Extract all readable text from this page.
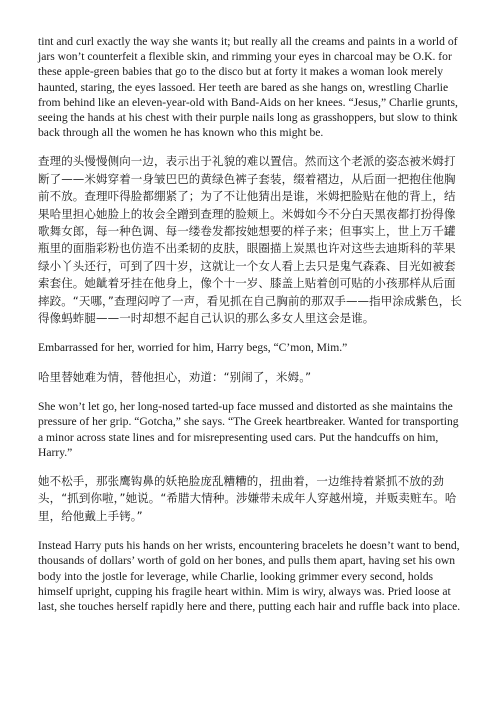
tint and curl exactly the way she wants it; but really all the creams and paints in a world of jars won’t counterfeit a flexible skin, and rimming your eyes in charcoal may be O.K. for these apple-green babies that go to the disco but at forty it makes a woman look merely haunted, staring, the eyes lassoed. Her teeth are bared as she hangs on, wrestling Charlie from behind like an eleven-year-old with Band-Aids on her knees. “Jesus,” Charlie grunts, seeing the hands at his chest with their purple nails long as grasshoppers, but slow to think back through all the women he has known who this might be.

查理的头慢慢侧向一边，表示出于礼貌的难以置信。然而这个老派的姿态被米姆打断了——米姆穿着一身皱巴巴的黄绿色裤子套装，缀着褶边，从后面一把抱住他胸前不放。查理吓得脸都绷紧了；为了不让他猜出是谁，米姆把脸贴在他的背上，结果哈里担心她脸上的妆会全蹭到查理的脸颊上。米姆如今不分白天黑夜都打扮得像歌舞女郎，每一种色调、每一缕卷发都按她想要的样子来；但事实上，世上万千罐瓶里的面脂彩粉也仿造不出柔韧的皮肤，眼圈描上炭黑也许对这些去迪斯科的苹果绿小丫头还行，可到了四十岁，这就让一个女人看上去只是鬼气森森、目光如被套索套住。她龇着牙挂在他身上，像个十一岁、膝盖上贴着创可贴的小孩那样从后面摔跤。“天哪，”查理闷哼了一声，看见抓在自己胸前的那双手——指甲涂成紫色，长得像蚂蚱腿——一时却想不起自己认识的那么多女人里这会是谁。

Embarrassed for her, worried for him, Harry begs, “C’mon, Mim.”

哈里替她难为情，替他担心，劝道：“别闹了，米姆。”

She won’t let go, her long-nosed tarted-up face mussed and distorted as she maintains the pressure of her grip. “Gotcha,” she says. “The Greek heartbreaker. Wanted for transporting a minor across state lines and for misrepresenting used cars. Put the handcuffs on him, Harry.”

她不松手，那张鹰钩鼻的妖艳脸庞乱糟糟的，扭曲着，一边维持着紧抓不放的劲头，“抓到你啦，”她说。“希腊大情种。涉嫌带未成年人穿越州境，并贩卖赃车。哈里，给他戴上手铐。”

Instead Harry puts his hands on her wrists, encountering bracelets he doesn’t want to bend, thousands of dollars’ worth of gold on her bones, and pulls them apart, having set his own body into the jostle for leverage, while Charlie, looking grimmer every second, holds himself upright, cupping his fragile heart within. Mim is wiry, always was. Pried loose at last, she touches herself rapidly here and there, putting each hair and ruffle back into place.
